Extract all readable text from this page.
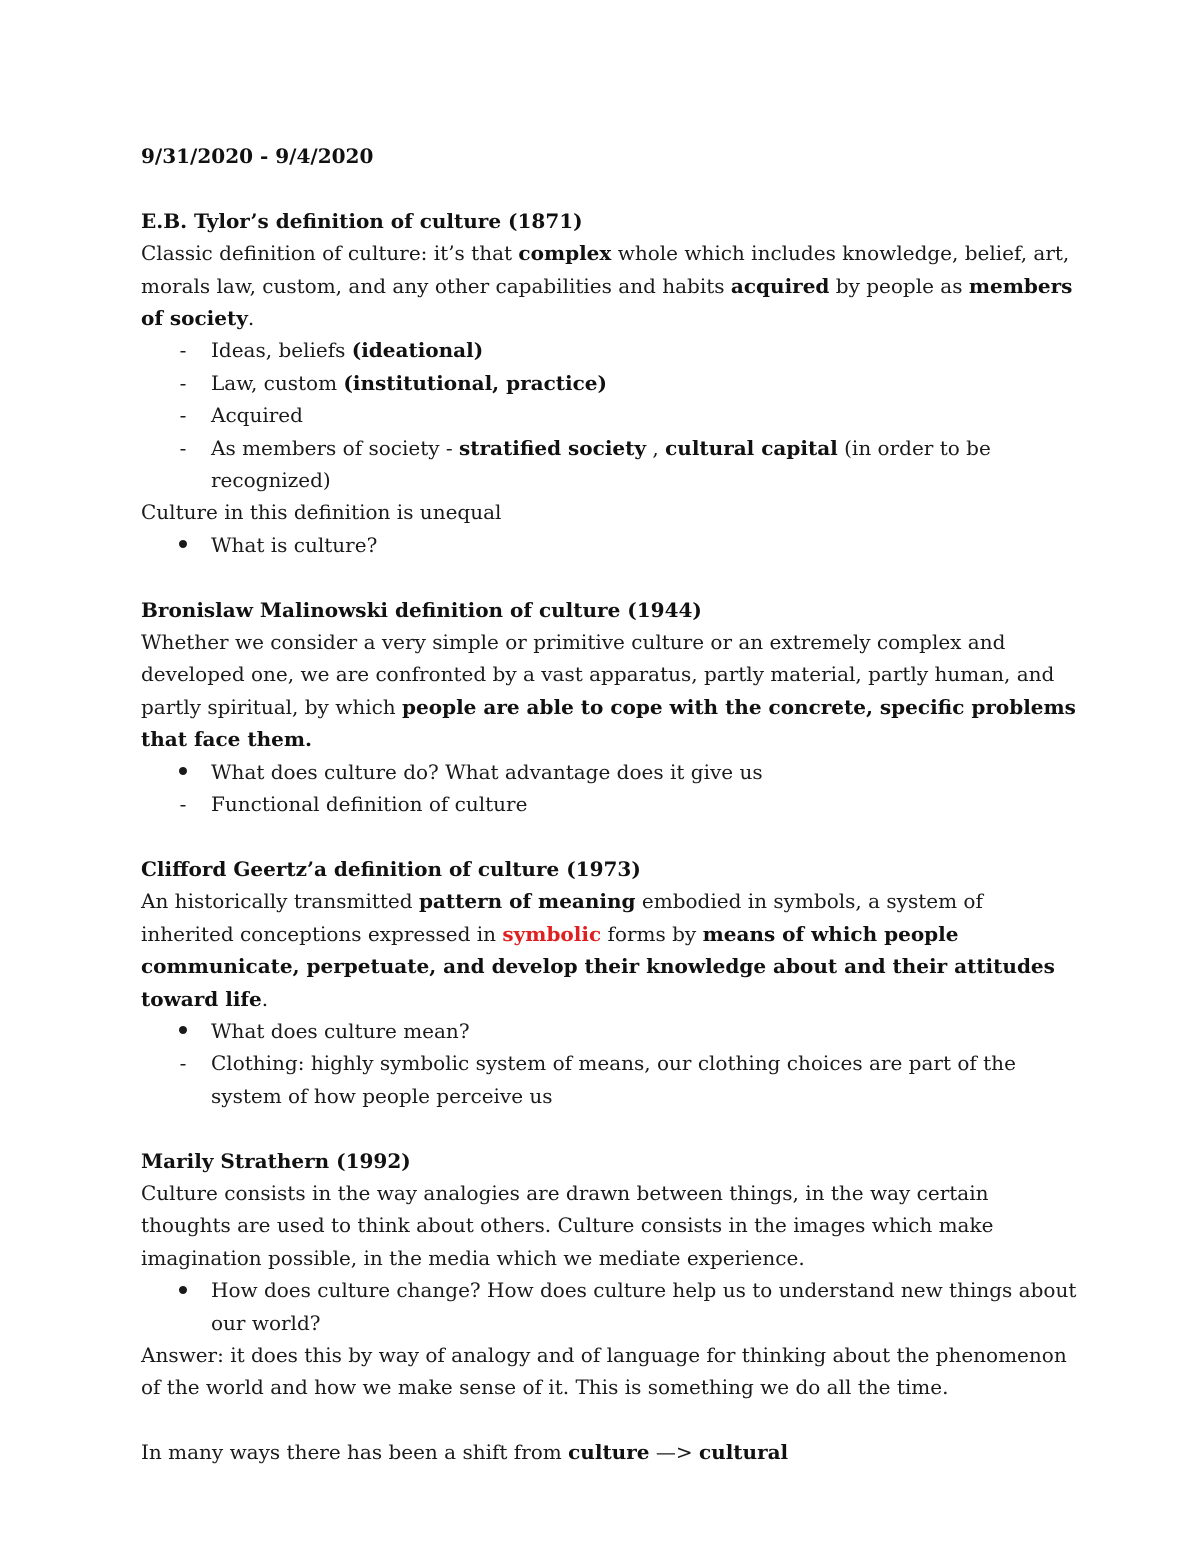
9/31/2020 - 9/4/2020

E.B. Tylor’s definition of culture (1871)

Classic definition of culture: it’s that complex whole which includes knowledge, belief, art, morals law, custom, and any other capabilities and habits acquired by people as members of society.

-	Ideas, beliefs (ideational)
-	Law, custom (institutional, practice)
-	Acquired
-	As members of society - stratified society , cultural capital (in order to be recognized)

Culture in this definition is unequal

What is culture?

Bronislaw Malinowski definition of culture (1944)

Whether we consider a very simple or primitive culture or an extremely complex and developed one, we are confronted by a vast apparatus, partly material, partly human, and partly spiritual, by which people are able to cope with the concrete, specific problems that face them.

What does culture do? What advantage does it give us
-	Functional definition of culture

Clifford Geertz’a definition of culture (1973)

An historically transmitted pattern of meaning embodied in symbols, a system of inherited conceptions expressed in symbolic forms by means of which people communicate, perpetuate, and develop their knowledge about and their attitudes toward life.

What does culture mean?
-	Clothing: highly symbolic system of means, our clothing choices are part of the system of how people perceive us

Marily Strathern (1992)

Culture consists in the way analogies are drawn between things, in the way certain thoughts are used to think about others. Culture consists in the images which make imagination possible, in the media which we mediate experience.

How does culture change? How does culture help us to understand new things about our world?

Answer: it does this by way of analogy and of language for thinking about the phenomenon of the world and how we make sense of it. This is something we do all the time.

In many ways there has been a shift from culture —> cultural
